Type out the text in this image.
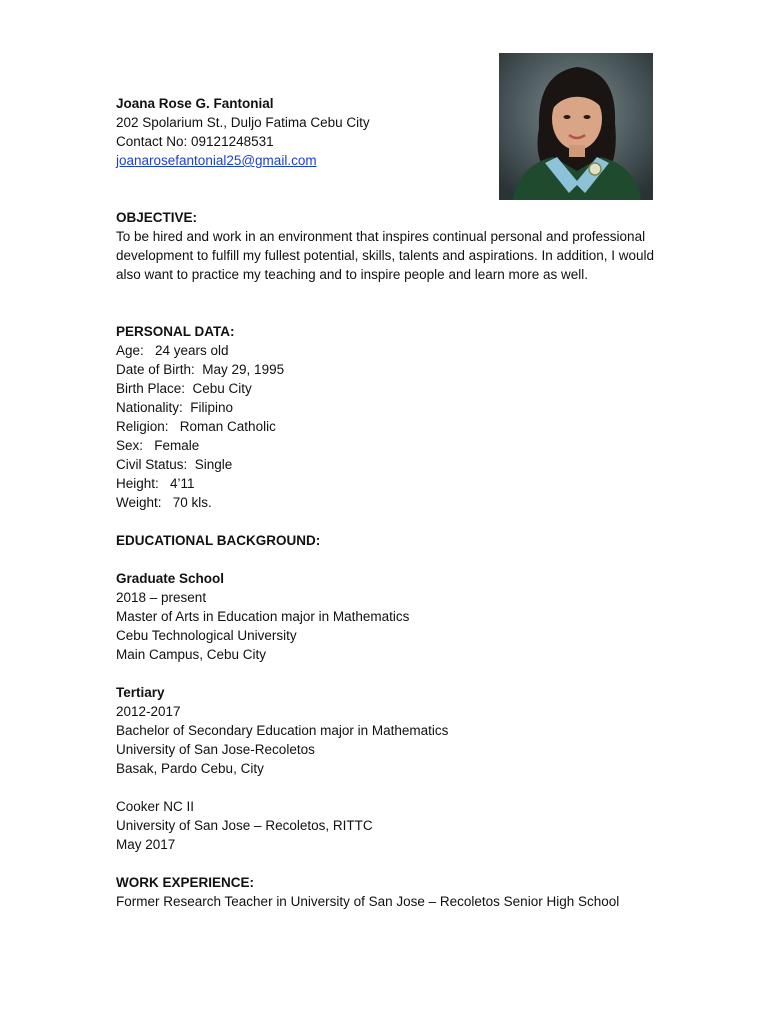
Joana Rose G. Fantonial
202 Spolarium St., Duljo Fatima Cebu City
Contact No: 09121248531
joanarosefantonial25@gmail.com
OBJECTIVE:
To be hired and work in an environment that inspires continual personal and professional development to fulfill my fullest potential, skills, talents and aspirations. In addition, I would also want to practice my teaching and to inspire people and learn more as well.
PERSONAL DATA:
Age:   24 years old
Date of Birth:  May 29, 1995
Birth Place:  Cebu City
Nationality:  Filipino
Religion:   Roman Catholic
Sex:   Female
Civil Status:  Single
Height:   4’11
Weight:   70 kls.
EDUCATIONAL BACKGROUND:
Graduate School
2018 – present
Master of Arts in Education major in Mathematics
Cebu Technological University
Main Campus, Cebu City
Tertiary
2012-2017
Bachelor of Secondary Education major in Mathematics
University of San Jose-Recoletos
Basak, Pardo Cebu, City
Cooker NC II
University of San Jose – Recoletos, RITTC
May 2017
WORK EXPERIENCE:
Former Research Teacher in University of San Jose – Recoletos Senior High School
